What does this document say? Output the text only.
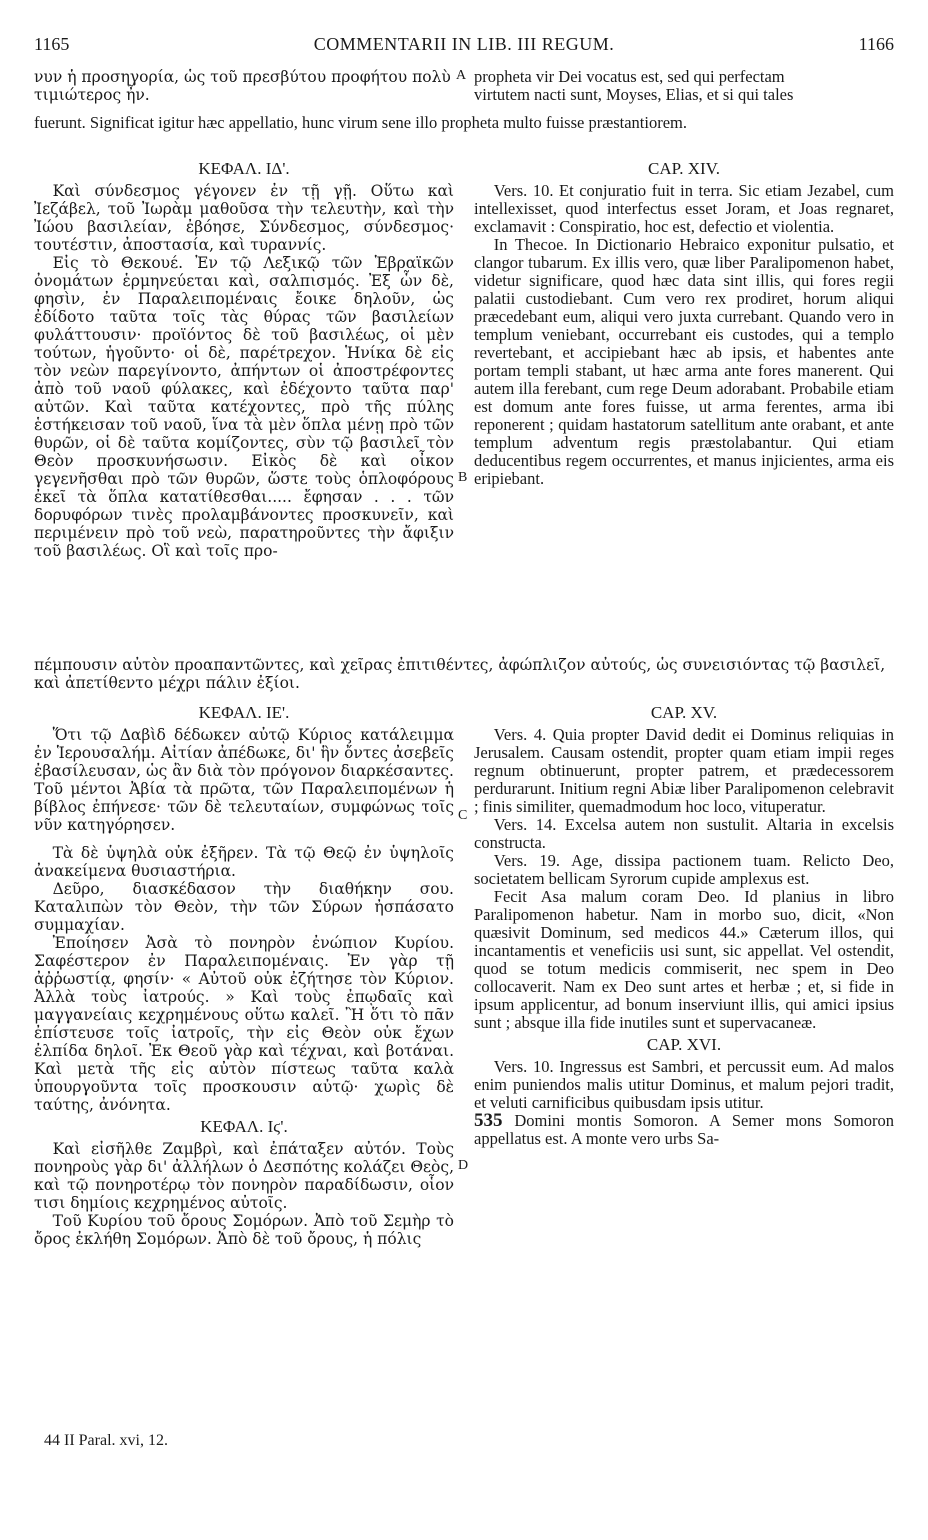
1165	COMMENTARII IN LIB. III REGUM.	1166

νυν ἡ προσηγορία, ὡς τοῦ πρεσβύτου προφήτου πολὺ

τιμιώτερος ἦν.

A propheta vir Dei vocatus est, sed qui perfectam

virtutem nacti sunt, Moyses, Elias, et si qui tales

fuerunt. Significat igitur hæc appellatio, hunc virum sene illo propheta multo fuisse præstantiorem.

ΚΕΦΑΛ. ΙΔ'.

Καὶ σύνδεσμος γέγονεν ἐν τῇ γῇ. Οὕτω καὶ Ἰεζάβελ, τοῦ Ἰωρὰμ μαθοῦσα τὴν τελευτὴν, καὶ τὴν Ἰώου βασιλείαν, ἐβόησε, Σύνδεσμος, σύνδεσμος· τουτέστιν, ἀποστασία, καὶ τυραννίς.

Εἰς τὸ Θεκουέ. Ἐν τῷ Λεξικῷ τῶν Ἑβραϊκῶν ὀνομάτων ἑρμηνεύεται καὶ, σαλπισμός. Ἐξ ὧν δὲ, φησὶν, ἐν Παραλειπομέναις ἔοικε δηλοῦν, ὡς ἐδίδοτο ταῦτα τοῖς τὰς θύρας τῶν βασιλείων φυλάττουσιν· προϊόντος δὲ τοῦ βασιλέως, οἱ μὲν τούτων, ἡγοῦντο· οἱ δὲ, παρέτρεχον. Ἡνίκα δὲ εἰς τὸν νεὼν παρεγίνοντο, ἀπήντων οἱ ἀποστρέφοντες ἀπὸ τοῦ ναοῦ φύλακες, καὶ ἐδέχοντο ταῦτα παρ' αὐτῶν. Καὶ ταῦτα κατέχοντες, πρὸ τῆς πύλης ἑστήκεισαν τοῦ ναοῦ, ἵνα τὰ μὲν ὅπλα μένῃ πρὸ τῶν θυρῶν, οἱ δὲ ταῦτα κομίζοντες, σὺν τῷ βασιλεῖ τὸν Θεὸν προσκυνήσωσιν. Εἰκὸς δὲ καὶ οἶκον γεγενῆσθαι πρὸ τῶν θυρῶν, ὥστε τοὺς ὁπλοφόρους ἐκεῖ τὰ ὅπλα κατατίθεσθαι..... ἔφησαν . . . τῶν δορυφόρων τινὲς προλαμβάνοντες προσκυνεῖν, καὶ περιμένειν πρὸ τοῦ νεὼ, παρατηροῦντες τὴν ἄφιξιν τοῦ βασιλέως. Οἳ καὶ τοῖς προ-

B

CAP. XIV.

Vers. 10. Et conjuratio fuit in terra. Sic etiam Jezabel, cum intellexisset, quod interfectus esset Joram, et Joas regnaret, exclamavit : Conspiratio, hoc est, defectio et violentia.

In Thecoe. In Dictionario Hebraico exponitur pulsatio, et clangor tubarum. Ex illis vero, quæ liber Paralipomenon habet, videtur significare, quod hæc data sint illis, qui fores regii palatii custodiebant. Cum vero rex prodiret, horum aliqui præcedebant eum, aliqui vero juxta currebant. Quando vero in templum veniebant, occurrebant eis custodes, qui a templo revertebant, et accipiebant hæc ab ipsis, et habentes ante portam templi stabant, ut hæc arma ante fores manerent. Qui autem illa ferebant, cum rege Deum adorabant. Probabile etiam est domum ante fores fuisse, ut arma ferentes, arma ibi reponerent ; quidam hastatorum satellitum ante orabant, et ante templum adventum regis præstolabantur. Qui etiam deducentibus regem occurrentes, et manus injicientes, arma eis eripiebant.

πέμπουσιν αὐτὸν προαπαντῶντες, καὶ χεῖρας ἐπιτιθέντες, ἀφώπλιζον αὐτούς, ὡς συνεισιόντας τῷ βασιλεῖ, καὶ ἀπετίθεντο μέχρι πάλιν ἐξίοι.

ΚΕΦΑΛ. ΙΕ'.

Ὅτι τῷ Δαβὶδ δέδωκεν αὐτῷ Κύριος κατάλειμμα ἐν Ἱερουσαλήμ. Αἰτίαν ἀπέδωκε, δι' ἣν ὄντες ἀσεβεῖς ἐβασίλευσαν, ὡς ἂν διὰ τὸν πρόγονον διαρκέσαντες. Τοῦ μέντοι Ἀβία τὰ πρῶτα, τῶν Παραλειπομένων ἡ βίβλος ἐπήνεσε· τῶν δὲ τελευταίων, συμφώνως τοῖς νῦν κατηγόρησεν.

Τὰ δὲ ὑψηλὰ οὐκ ἐξῆρεν. Τὰ τῷ Θεῷ ἐν ὑψηλοῖς ἀνακείμενα θυσιαστήρια.

Δεῦρο, διασκέδασον τὴν διαθήκην σου. Καταλιπὼν τὸν Θεὸν, τὴν τῶν Σύρων ἠσπάσατο συμμαχίαν.

Ἐποίησεν Ἀσὰ τὸ πονηρὸν ἐνώπιον Κυρίου. Σαφέστερον ἐν Παραλειπομέναις. Ἐν γὰρ τῇ ἀῤῥωστίᾳ, φησίν· « Αὐτοῦ οὐκ ἐζήτησε τὸν Κύριον. Ἀλλὰ τοὺς ἰατρούς. » Καὶ τοὺς ἐπῳδαῖς καὶ μαγγανείαις κεχρημένους οὕτω καλεῖ. Ἢ ὅτι τὸ πᾶν ἐπίστευσε τοῖς ἰατροῖς, τὴν εἰς Θεὸν οὐκ ἔχων ἐλπίδα δηλοῖ. Ἐκ Θεοῦ γὰρ καὶ τέχναι, καὶ βοτάναι. Καὶ μετὰ τῆς εἰς αὐτὸν πίστεως ταῦτα καλὰ ὑπουργοῦντα τοῖς προσκουσιν αὐτῷ· χωρὶς δὲ ταύτης, ἀνόνητα.

ΚΕΦΑΛ. Ιϛ'.

Καὶ εἰσῆλθε Ζαμβρὶ, καὶ ἐπάταξεν αὐτόν. Τοὺς πονηροὺς γὰρ δι' ἀλλήλων ὁ Δεσπότης κολάζει Θεὸς, καὶ τῷ πονηροτέρῳ τὸν πονηρὸν παραδίδωσιν, οἷον τισι δημίοις κεχρημένος αὐτοῖς.

Τοῦ Κυρίου τοῦ ὄρους Σομόρων. Ἀπὸ τοῦ Σεμὴρ τὸ ὄρος ἐκλήθη Σομόρων. Ἀπὸ δὲ τοῦ ὄρους, ἡ πόλις

C
D

CAP. XV.

Vers. 4. Quia propter David dedit ei Dominus reliquias in Jerusalem. Causam ostendit, propter quam etiam impii reges regnum obtinuerunt, propter patrem, et prædecessorem perdurarunt. Initium regni Abiæ liber Paralipomenon celebravit ; finis similiter, quemadmodum hoc loco, vituperatur.

Vers. 14. Excelsa autem non sustulit. Altaria in excelsis constructa.

Vers. 19. Age, dissipa pactionem tuam. Relicto Deo, societatem bellicam Syrorum cupide amplexus est.

Fecit Asa malum coram Deo. Id planius in libro Paralipomenon habetur. Nam in morbo suo, dicit, «Non quæsivit Dominum, sed medicos 44.» Cæterum illos, qui incantamentis et veneficiis usi sunt, sic appellat. Vel ostendit, quod se totum medicis commiserit, nec spem in Deo collocaverit. Nam ex Deo sunt artes et herbæ ; et, si fide in ipsum applicentur, ad bonum inserviunt illis, qui amici ipsius sunt ; absque illa fide inutiles sunt et supervacaneæ.

CAP. XVI.

Vers. 10. Ingressus est Sambri, et percussit eum. Ad malos enim puniendos malis utitur Dominus, et malum pejori tradit, et veluti carnificibus quibusdam ipsis utitur.

535 Domini montis Somoron. A Semer mons Somoron appellatus est. A monte vero urbs Sa-

44 II Paral. xvi, 12.
